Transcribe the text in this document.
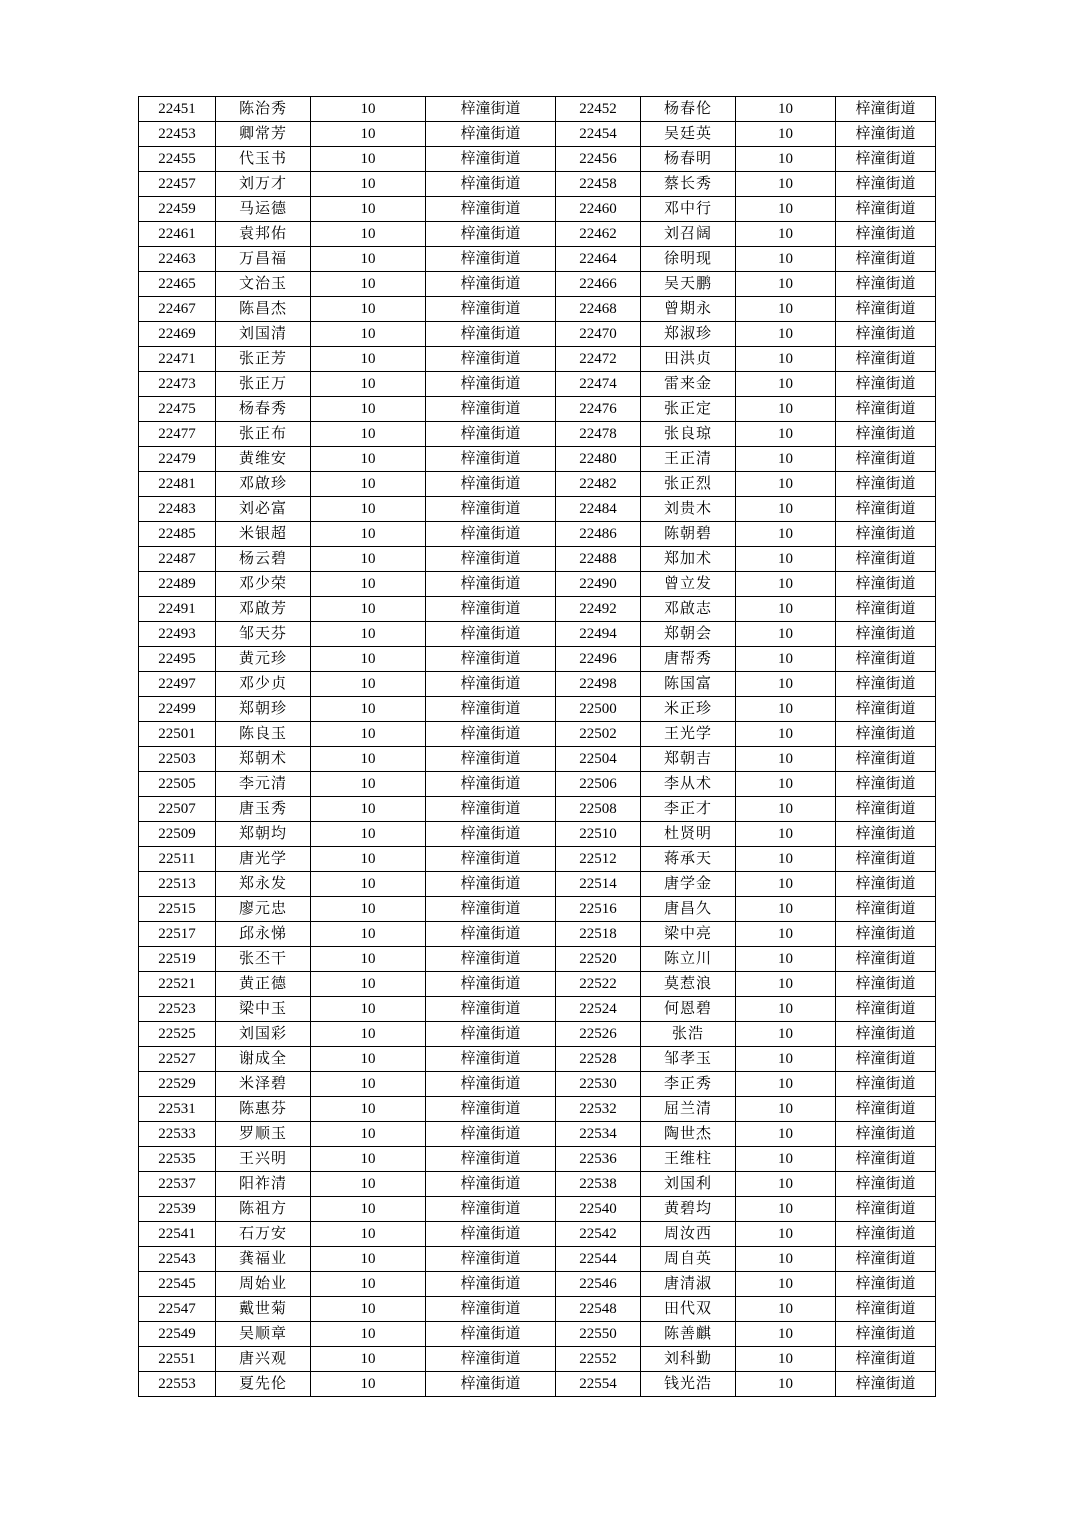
22451	陈治秀	10	梓潼街道	22452	杨春伦	10	梓潼街道
22453	卿常芳	10	梓潼街道	22454	吴廷英	10	梓潼街道
22455	代玉书	10	梓潼街道	22456	杨春明	10	梓潼街道
22457	刘万才	10	梓潼街道	22458	蔡长秀	10	梓潼街道
22459	马运德	10	梓潼街道	22460	邓中行	10	梓潼街道
22461	袁邦佑	10	梓潼街道	22462	刘召阔	10	梓潼街道
22463	万昌福	10	梓潼街道	22464	徐明现	10	梓潼街道
22465	文治玉	10	梓潼街道	22466	吴天鹏	10	梓潼街道
22467	陈昌杰	10	梓潼街道	22468	曾期永	10	梓潼街道
22469	刘国清	10	梓潼街道	22470	郑淑珍	10	梓潼街道
22471	张正芳	10	梓潼街道	22472	田洪贞	10	梓潼街道
22473	张正万	10	梓潼街道	22474	雷来金	10	梓潼街道
22475	杨春秀	10	梓潼街道	22476	张正定	10	梓潼街道
22477	张正布	10	梓潼街道	22478	张良琼	10	梓潼街道
22479	黄维安	10	梓潼街道	22480	王正清	10	梓潼街道
22481	邓啟珍	10	梓潼街道	22482	张正烈	10	梓潼街道
22483	刘必富	10	梓潼街道	22484	刘贵木	10	梓潼街道
22485	米银超	10	梓潼街道	22486	陈朝碧	10	梓潼街道
22487	杨云碧	10	梓潼街道	22488	郑加术	10	梓潼街道
22489	邓少荣	10	梓潼街道	22490	曾立发	10	梓潼街道
22491	邓啟芳	10	梓潼街道	22492	邓啟志	10	梓潼街道
22493	邹天芬	10	梓潼街道	22494	郑朝会	10	梓潼街道
22495	黄元珍	10	梓潼街道	22496	唐帮秀	10	梓潼街道
22497	邓少贞	10	梓潼街道	22498	陈国富	10	梓潼街道
22499	郑朝珍	10	梓潼街道	22500	米正珍	10	梓潼街道
22501	陈良玉	10	梓潼街道	22502	王光学	10	梓潼街道
22503	郑朝术	10	梓潼街道	22504	郑朝吉	10	梓潼街道
22505	李元清	10	梓潼街道	22506	李从术	10	梓潼街道
22507	唐玉秀	10	梓潼街道	22508	李正才	10	梓潼街道
22509	郑朝均	10	梓潼街道	22510	杜贤明	10	梓潼街道
22511	唐光学	10	梓潼街道	22512	蒋承天	10	梓潼街道
22513	郑永发	10	梓潼街道	22514	唐学金	10	梓潼街道
22515	廖元忠	10	梓潼街道	22516	唐昌久	10	梓潼街道
22517	邱永悌	10	梓潼街道	22518	梁中亮	10	梓潼街道
22519	张丕干	10	梓潼街道	22520	陈立川	10	梓潼街道
22521	黄正德	10	梓潼街道	22522	莫惹浪	10	梓潼街道
22523	梁中玉	10	梓潼街道	22524	何恩碧	10	梓潼街道
22525	刘国彩	10	梓潼街道	22526	张浩	10	梓潼街道
22527	谢成全	10	梓潼街道	22528	邹孝玉	10	梓潼街道
22529	米泽碧	10	梓潼街道	22530	李正秀	10	梓潼街道
22531	陈惠芬	10	梓潼街道	22532	屈兰清	10	梓潼街道
22533	罗顺玉	10	梓潼街道	22534	陶世杰	10	梓潼街道
22535	王兴明	10	梓潼街道	22536	王维柱	10	梓潼街道
22537	阳祚清	10	梓潼街道	22538	刘国利	10	梓潼街道
22539	陈祖方	10	梓潼街道	22540	黄碧均	10	梓潼街道
22541	石万安	10	梓潼街道	22542	周汝西	10	梓潼街道
22543	龚福业	10	梓潼街道	22544	周自英	10	梓潼街道
22545	周始业	10	梓潼街道	22546	唐清淑	10	梓潼街道
22547	戴世菊	10	梓潼街道	22548	田代双	10	梓潼街道
22549	吴顺章	10	梓潼街道	22550	陈善麒	10	梓潼街道
22551	唐兴观	10	梓潼街道	22552	刘科勤	10	梓潼街道
22553	夏先伦	10	梓潼街道	22554	钱光浩	10	梓潼街道
